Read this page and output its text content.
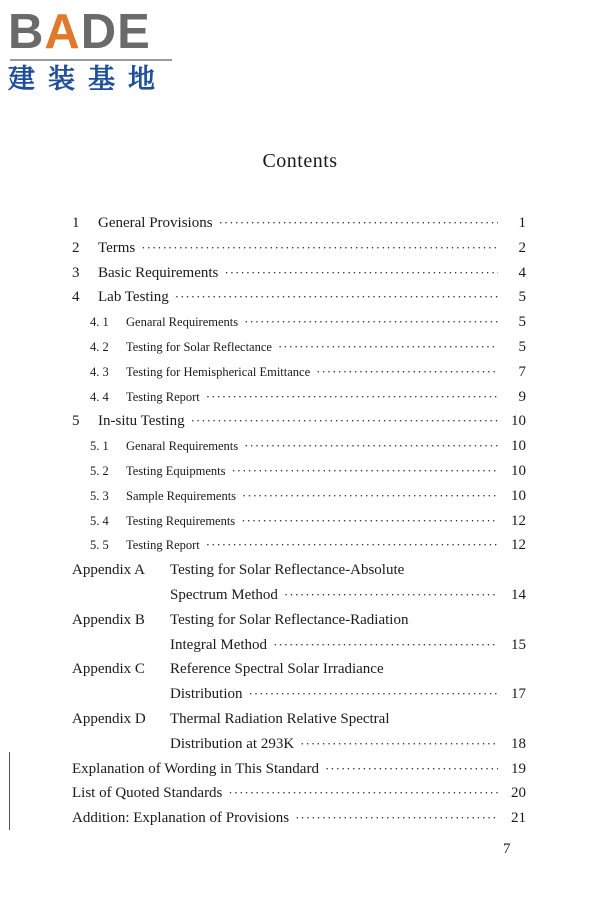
BADE
建装基地
Contents
1	General Provisions ·····	1
2	Terms ·····	2
3	Basic Requirements ·····	4
4	Lab Testing ·····	5
4. 1	Genaral Requirements ·····	5
4. 2	Testing for Solar Reflectance ·····	5
4. 3	Testing for Hemispherical Emittance ·····	7
4. 4	Testing Report ·····	9
5	In-situ Testing ·····	10
5. 1	Genaral Requirements ·····	10
5. 2	Testing Equipments ·····	10
5. 3	Sample Requirements ·····	10
5. 4	Testing Requirements ·····	12
5. 5	Testing Report ·····	12
Appendix A	Testing for Solar Reflectance-Absolute
Spectrum Method ·····	14
Appendix B	Testing for Solar Reflectance-Radiation
Integral Method ·····	15
Appendix C	Reference Spectral Solar Irradiance
Distribution ·····	17
Appendix D	Thermal Radiation Relative Spectral
Distribution at 293K ·····	18
Explanation of Wording in This Standard ·····	19
List of Quoted Standards ·····	20
Addition: Explanation of Provisions ·····	21
7
